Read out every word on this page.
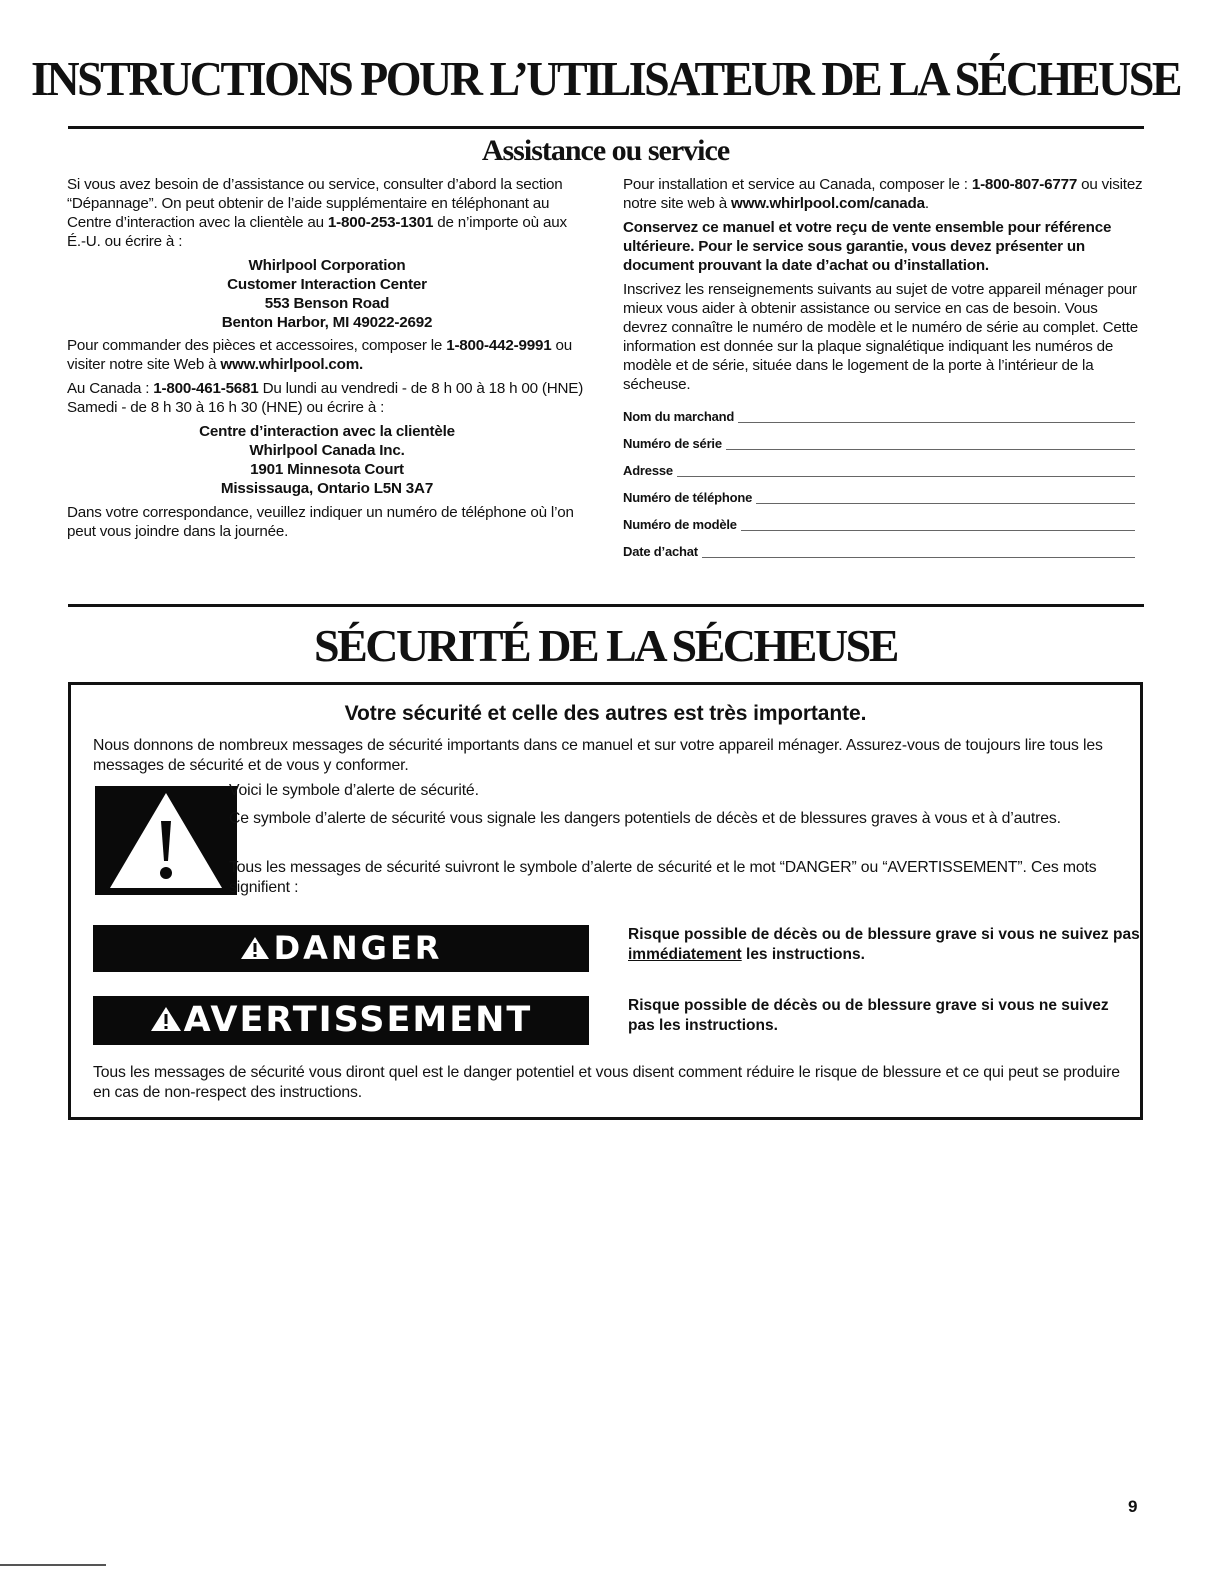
INSTRUCTIONS POUR L’UTILISATEUR DE LA SÉCHEUSE
Assistance ou service

Si vous avez besoin de d’assistance ou service, consulter d’abord la section “Dépannage”. On peut obtenir de l’aide supplémentaire en téléphonant au Centre d’interaction avec la clientèle au 1-800-253-1301 de n’importe où aux É.-U. ou écrire à :

Whirlpool Corporation
Customer Interaction Center
553 Benson Road
Benton Harbor, MI 49022-2692

Pour commander des pièces et accessoires, composer le 1-800-442-9991 ou visiter notre site Web à www.whirlpool.com.

Au Canada : 1-800-461-5681 Du lundi au vendredi - de 8 h 00 à 18 h 00 (HNE) Samedi - de 8 h 30 à 16 h 30 (HNE) ou écrire à :

Centre d’interaction avec la clientèle
Whirlpool Canada Inc.
1901 Minnesota Court
Mississauga, Ontario L5N 3A7

Dans votre correspondance, veuillez indiquer un numéro de téléphone où l’on peut vous joindre dans la journée.

Pour installation et service au Canada, composer le : 1-800-807-6777 ou visitez notre site web à www.whirlpool.com/canada.

Conservez ce manuel et votre reçu de vente ensemble pour référence ultérieure. Pour le service sous garantie, vous devez présenter un document prouvant la date d’achat ou d’installation.

Inscrivez les renseignements suivants au sujet de votre appareil ménager pour mieux vous aider à obtenir assistance ou service en cas de besoin. Vous devrez connaître le numéro de modèle et le numéro de série au complet. Cette information est donnée sur la plaque signalétique indiquant les numéros de modèle et de série, située dans le logement de la porte à l’intérieur de la sécheuse.

Nom du marchand
Numéro de série
Adresse
Numéro de téléphone
Numéro de modèle
Date d’achat
SÉCURITÉ DE LA SÉCHEUSE
Votre sécurité et celle des autres est très importante.

Nous donnons de nombreux messages de sécurité importants dans ce manuel et sur votre appareil ménager. Assurez-vous de toujours lire tous les messages de sécurité et de vous y conformer.

Voici le symbole d’alerte de sécurité.

Ce symbole d’alerte de sécurité vous signale les dangers potentiels de décès et de blessures graves à vous et à d’autres.

Tous les messages de sécurité suivront le symbole d’alerte de sécurité et le mot “DANGER” ou “AVERTISSEMENT”. Ces mots signifient :

DANGER	Risque possible de décès ou de blessure grave si vous ne suivez pas immédiatement les instructions.

AVERTISSEMENT	Risque possible de décès ou de blessure grave si vous ne suivez pas les instructions.

Tous les messages de sécurité vous diront quel est le danger potentiel et vous disent comment réduire le risque de blessure et ce qui peut se produire en cas de non-respect des instructions.

9
